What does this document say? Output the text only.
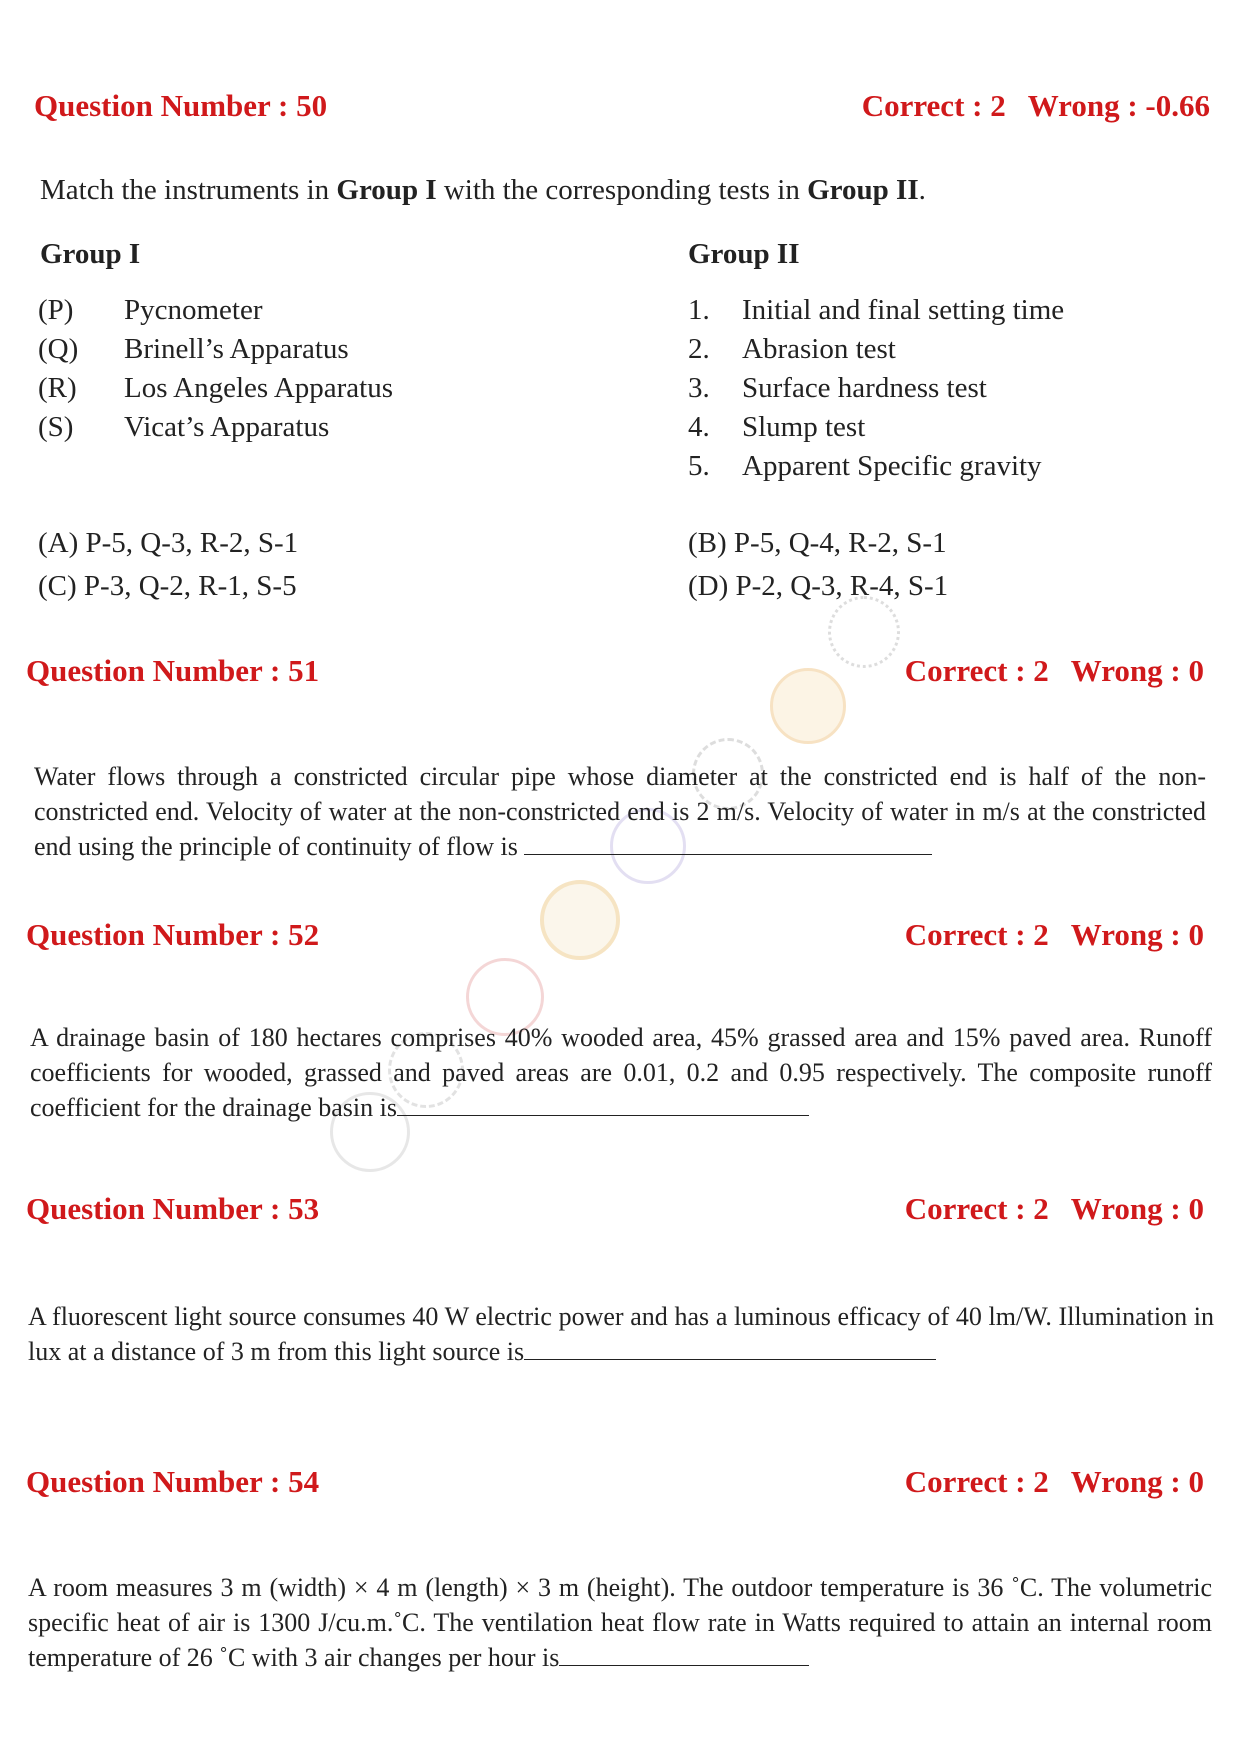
Question Number : 50	Correct : 2 Wrong : -0.66
Match the instruments in Group I with the corresponding tests in Group II.
Group I	Group II
(P) Pycnometer
(Q) Brinell’s Apparatus
(R) Los Angeles Apparatus
(S) Vicat’s Apparatus
1. Initial and final setting time
2. Abrasion test
3. Surface hardness test
4. Slump test
5. Apparent Specific gravity
(A) P-5, Q-3, R-2, S-1
(C) P-3, Q-2, R-1, S-5
(B) P-5, Q-4, R-2, S-1
(D) P-2, Q-3, R-4, S-1
Question Number : 51	Correct : 2 Wrong : 0
Water flows through a constricted circular pipe whose diameter at the constricted end is half of the non-constricted end. Velocity of water at the non-constricted end is 2 m/s. Velocity of water in m/s at the constricted end using the principle of continuity of flow is
Question Number : 52	Correct : 2 Wrong : 0
A drainage basin of 180 hectares comprises 40% wooded area, 45% grassed area and 15% paved area. Runoff coefficients for wooded, grassed and paved areas are 0.01, 0.2 and 0.95 respectively. The composite runoff coefficient for the drainage basin is
Question Number : 53	Correct : 2 Wrong : 0
A fluorescent light source consumes 40 W electric power and has a luminous efficacy of 40 lm/W. Illumination in lux at a distance of 3 m from this light source is
Question Number : 54	Correct : 2 Wrong : 0
A room measures 3 m (width) × 4 m (length) × 3 m (height). The outdoor temperature is 36 ˚C. The volumetric specific heat of air is 1300 J/cu.m.˚C. The ventilation heat flow rate in Watts required to attain an internal room temperature of 26 ˚C with 3 air changes per hour is
